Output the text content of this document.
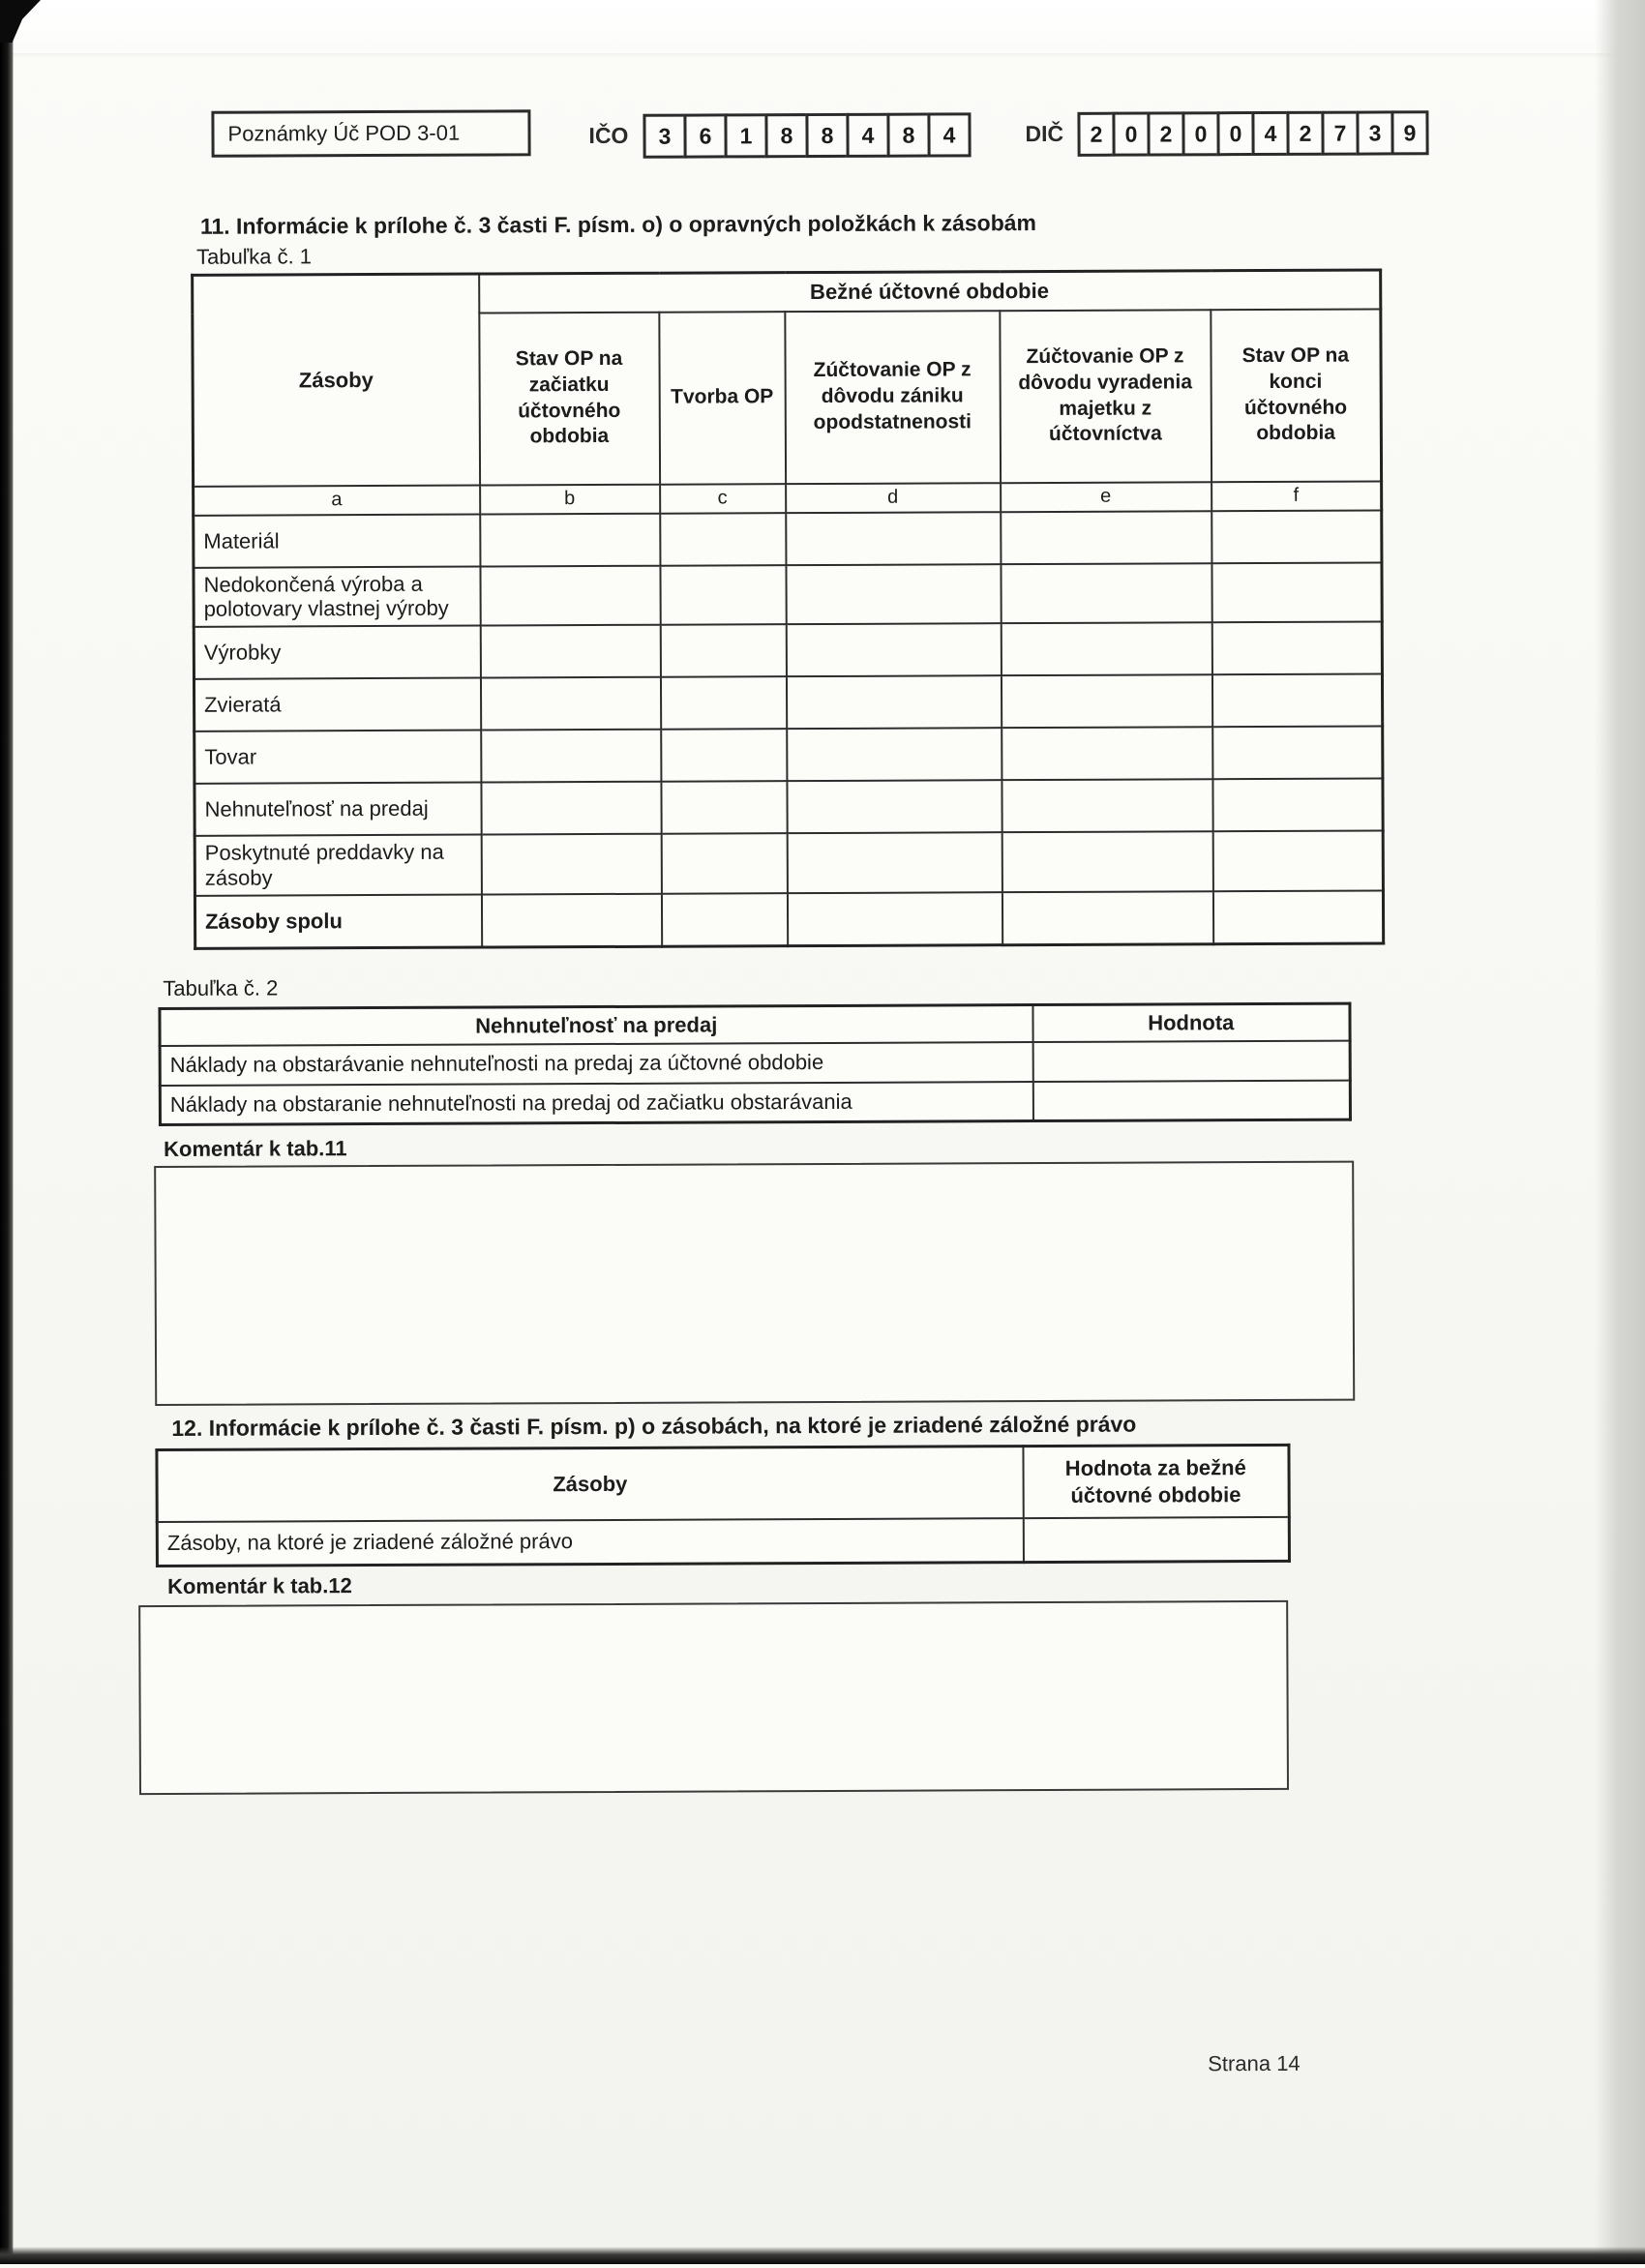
Poznámky Úč POD 3-01	IČO	3	6	1	8	8	4	8	4	DIČ	2	0	2	0	0	4	2	7	3	9
11. Informácie k prílohe č. 3 časti F. písm. o) o opravných položkách k zásobám
Tabuľka č. 1
Zásoby	Bežné účtovné obdobie				
	Stav OP na začiatku účtovného obdobia	Tvorba OP	Zúčtovanie OP z dôvodu zániku opodstatnenosti	Zúčtovanie OP z dôvodu vyradenia majetku z účtovníctva	Stav OP na konci účtovného obdobia
a	b	c	d	e	f
Materiál					
Nedokončená výroba a polotovary vlastnej výroby					
Výrobky					
Zvieratá					
Tovar					
Nehnuteľnosť na predaj					
Poskytnuté preddavky na zásoby					
Zásoby spolu					
Tabuľka č. 2
Nehnuteľnosť na predaj	Hodnota
Náklady na obstarávanie nehnuteľnosti na predaj za účtovné obdobie	
Náklady na obstaranie nehnuteľnosti na predaj od začiatku obstarávania	
Komentár k tab.11
12. Informácie k prílohe č. 3 časti F. písm. p) o zásobách, na ktoré je zriadené záložné právo
Zásoby	Hodnota za bežné účtovné obdobie
Zásoby, na ktoré je zriadené záložné právo	
Komentár k tab.12
Strana 14
